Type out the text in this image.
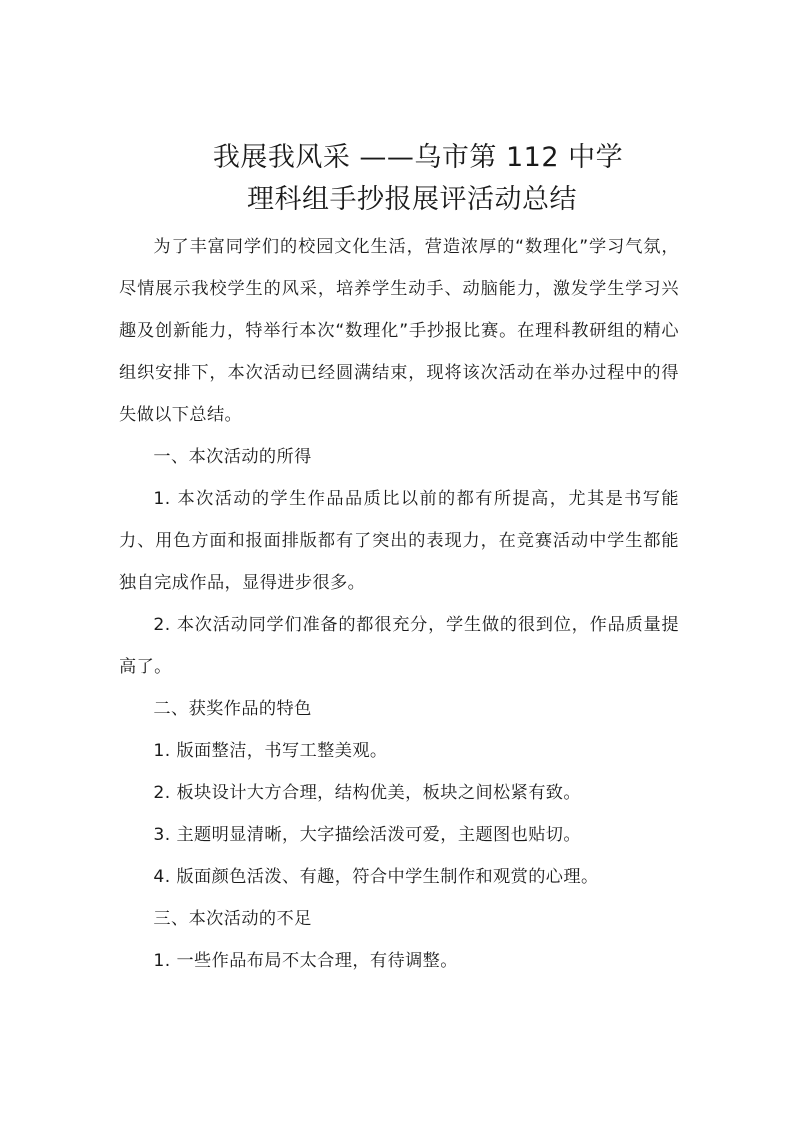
我展我风采 ——乌市第 112 中学
理科组手抄报展评活动总结

为了丰富同学们的校园文化生活，营造浓厚的“数理化”学习气氛，尽情展示我校学生的风采，培养学生动手、动脑能力，激发学生学习兴趣及创新能力，特举行本次“数理化”手抄报比赛。在理科教研组的精心组织安排下，本次活动已经圆满结束，现将该次活动在举办过程中的得失做以下总结。

一、本次活动的所得

1. 本次活动的学生作品品质比以前的都有所提高，尤其是书写能力、用色方面和报面排版都有了突出的表现力，在竞赛活动中学生都能独自完成作品，显得进步很多。

2. 本次活动同学们准备的都很充分，学生做的很到位，作品质量提高了。

二、获奖作品的特色

1. 版面整洁，书写工整美观。

2. 板块设计大方合理，结构优美，板块之间松紧有致。

3. 主题明显清晰，大字描绘活泼可爱，主题图也贴切。

4. 版面颜色活泼、有趣，符合中学生制作和观赏的心理。

三、本次活动的不足

1. 一些作品布局不太合理，有待调整。
